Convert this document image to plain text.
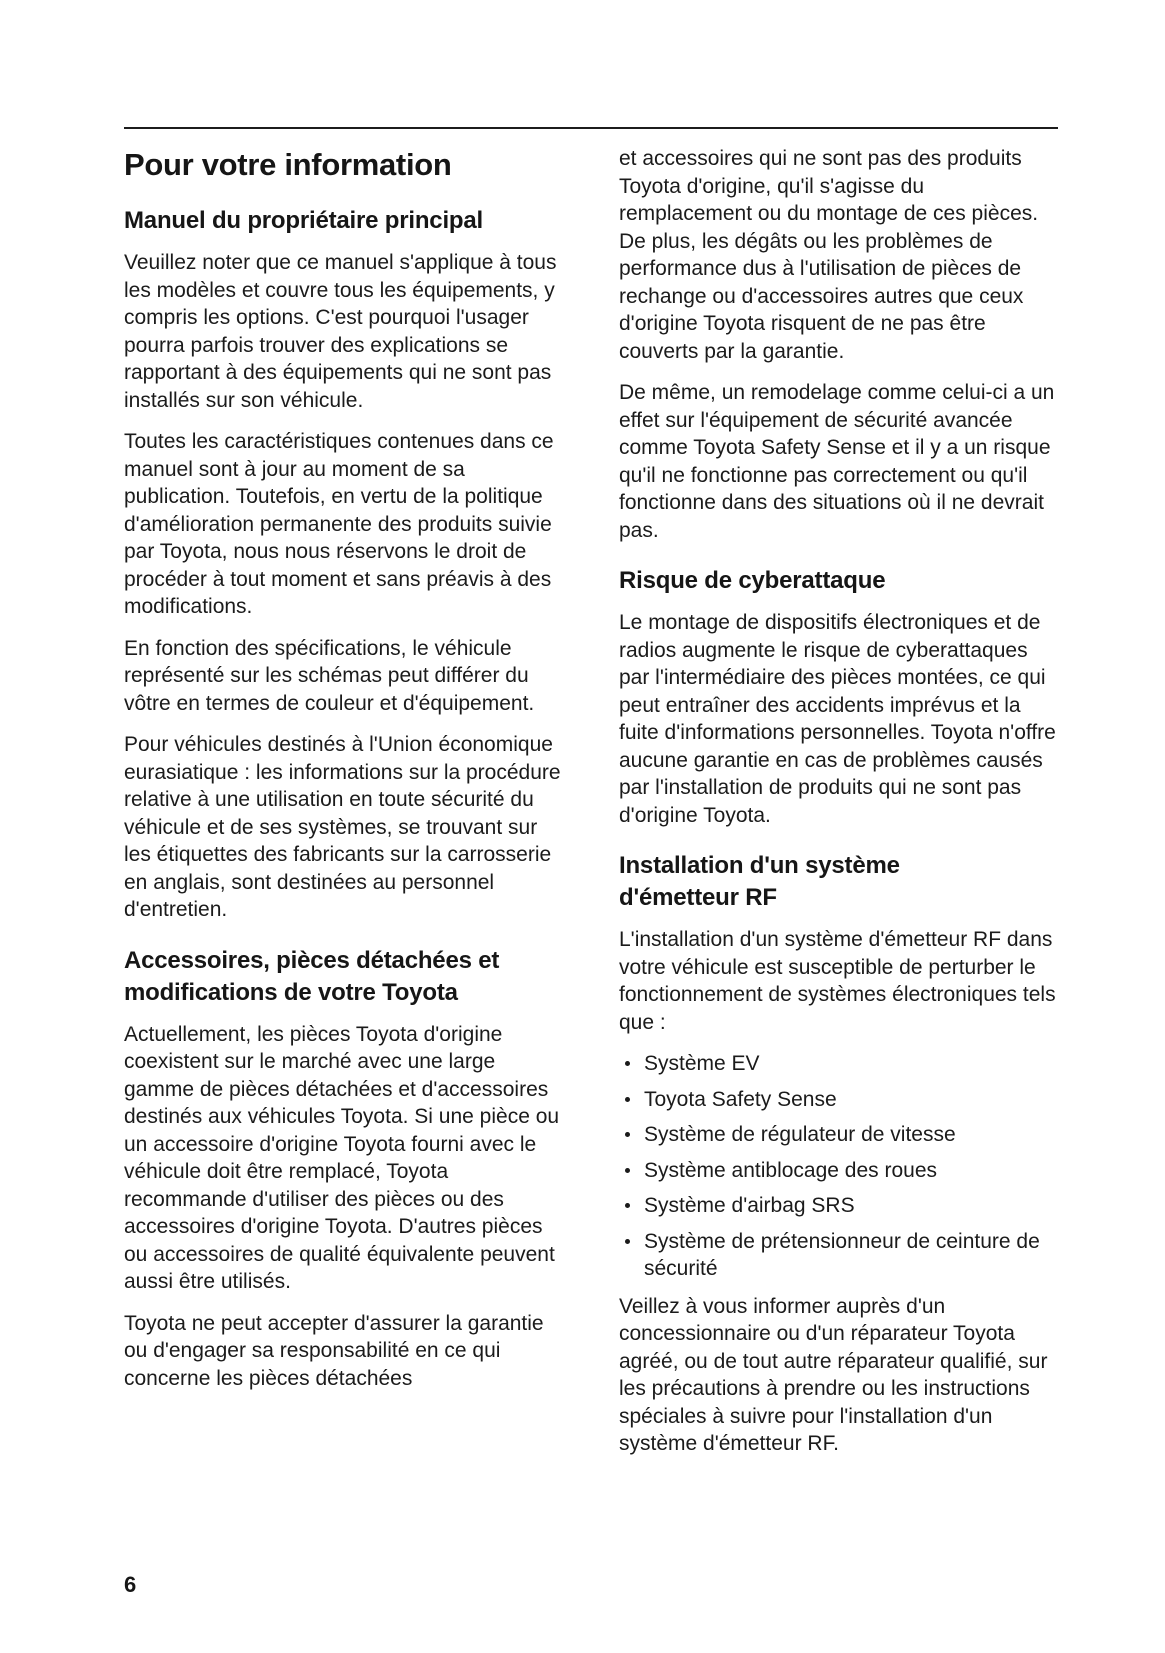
Pour votre information
Manuel du propriétaire principal

Veuillez noter que ce manuel s'applique à tous les modèles et couvre tous les équipements, y compris les options. C'est pourquoi l'usager pourra parfois trouver des explications se rapportant à des équipements qui ne sont pas installés sur son véhicule.

Toutes les caractéristiques contenues dans ce manuel sont à jour au moment de sa publication. Toutefois, en vertu de la politique d'amélioration permanente des produits suivie par Toyota, nous nous réservons le droit de procéder à tout moment et sans préavis à des modifications.

En fonction des spécifications, le véhicule représenté sur les schémas peut différer du vôtre en termes de couleur et d'équipement.

Pour véhicules destinés à l'Union économique eurasiatique : les informations sur la procédure relative à une utilisation en toute sécurité du véhicule et de ses systèmes, se trouvant sur les étiquettes des fabricants sur la carrosserie en anglais, sont destinées au personnel d'entretien.

Accessoires, pièces détachées et modifications de votre Toyota

Actuellement, les pièces Toyota d'origine coexistent sur le marché avec une large gamme de pièces détachées et d'accessoires destinés aux véhicules Toyota. Si une pièce ou un accessoire d'origine Toyota fourni avec le véhicule doit être remplacé, Toyota recommande d'utiliser des pièces ou des accessoires d'origine Toyota. D'autres pièces ou accessoires de qualité équivalente peuvent aussi être utilisés.

Toyota ne peut accepter d'assurer la garantie ou d'engager sa responsabilité en ce qui concerne les pièces détachées

et accessoires qui ne sont pas des produits Toyota d'origine, qu'il s'agisse du remplacement ou du montage de ces pièces. De plus, les dégâts ou les problèmes de performance dus à l'utilisation de pièces de rechange ou d'accessoires autres que ceux d'origine Toyota risquent de ne pas être couverts par la garantie.

De même, un remodelage comme celui-ci a un effet sur l'équipement de sécurité avancée comme Toyota Safety Sense et il y a un risque qu'il ne fonctionne pas correctement ou qu'il fonctionne dans des situations où il ne devrait pas.

Risque de cyberattaque

Le montage de dispositifs électroniques et de radios augmente le risque de cyberattaques par l'intermédiaire des pièces montées, ce qui peut entraîner des accidents imprévus et la fuite d'informations personnelles. Toyota n'offre aucune garantie en cas de problèmes causés par l'installation de produits qui ne sont pas d'origine Toyota.

Installation d'un système d'émetteur RF

L'installation d'un système d'émetteur RF dans votre véhicule est susceptible de perturber le fonctionnement de systèmes électroniques tels que :

Système EV
Toyota Safety Sense
Système de régulateur de vitesse
Système antiblocage des roues
Système d'airbag SRS
Système de prétensionneur de ceinture de sécurité

Veillez à vous informer auprès d'un concessionnaire ou d'un réparateur Toyota agréé, ou de tout autre réparateur qualifié, sur les précautions à prendre ou les instructions spéciales à suivre pour l'installation d'un système d'émetteur RF.

6
